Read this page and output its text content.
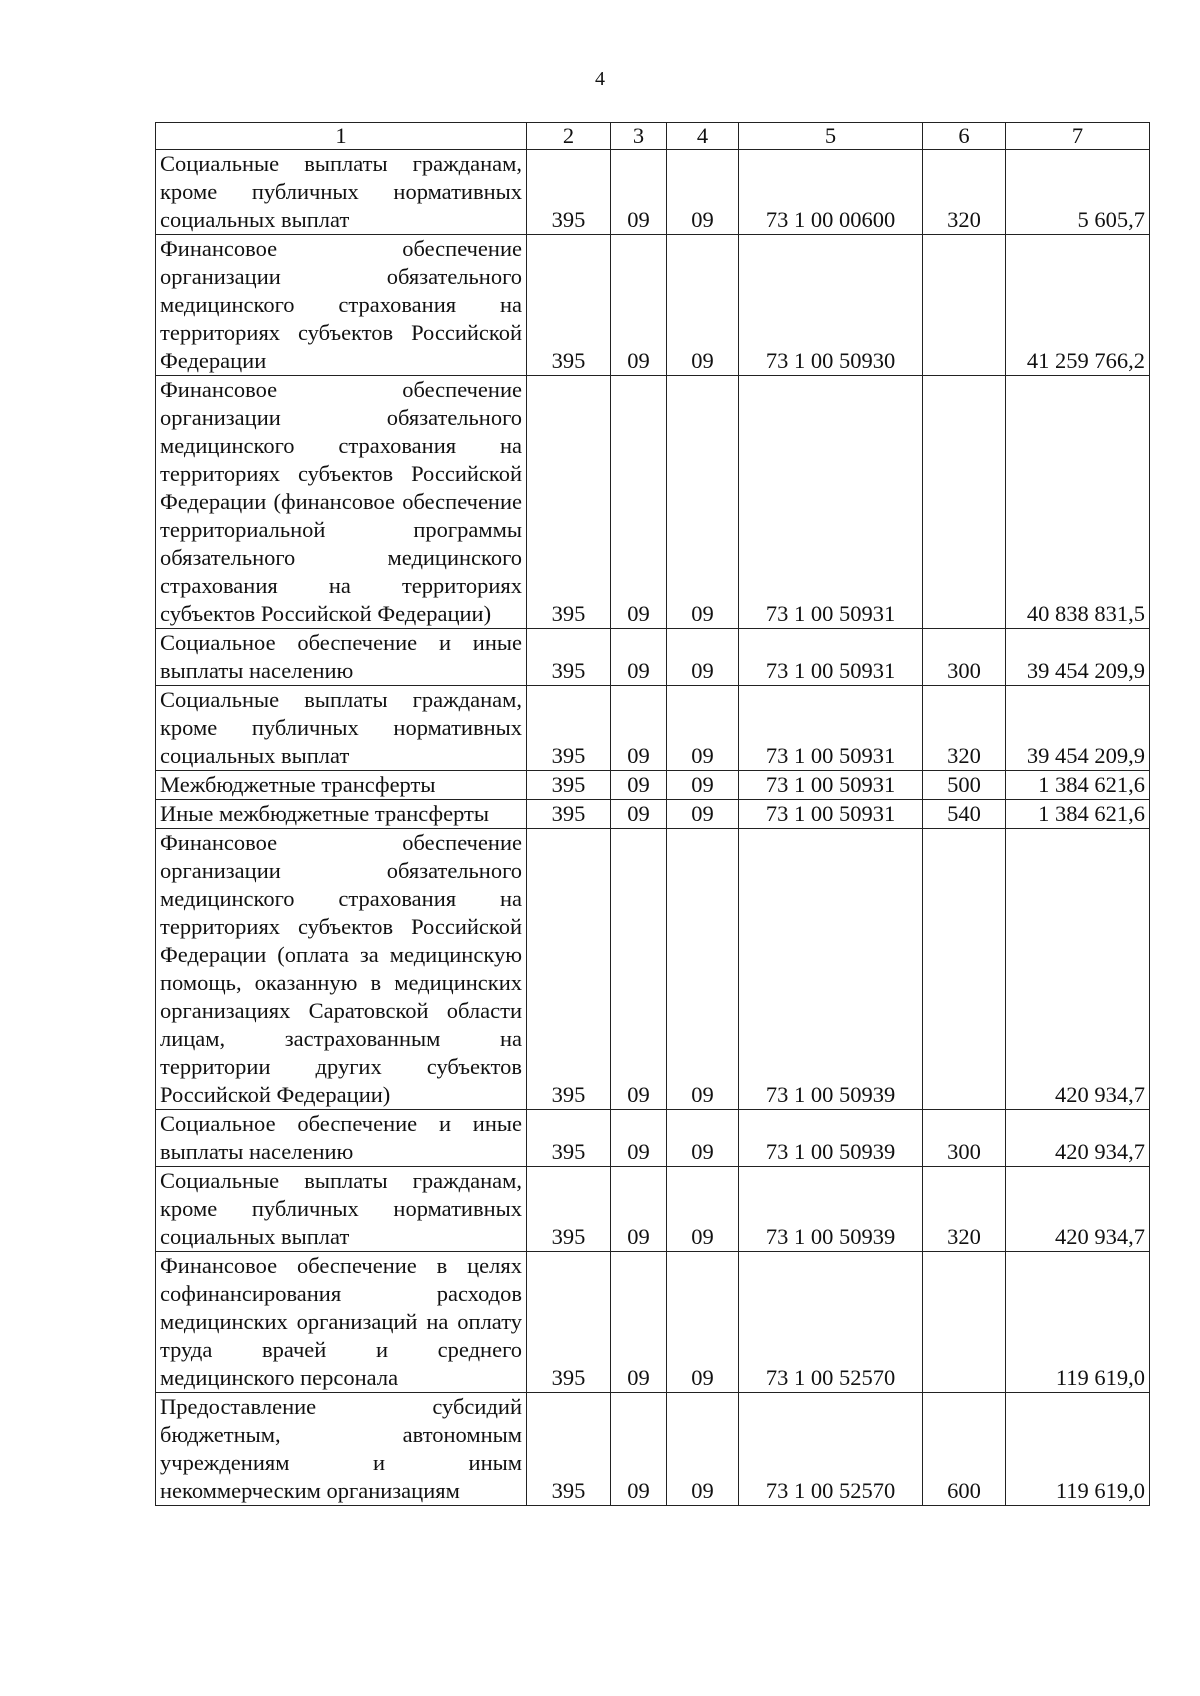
4
1	2	3	4	5	6	7
Социальные выплаты гражданам, кроме публичных нормативных социальных выплат	395	09	09	73 1 00 00600	320	5 605,7
Финансовое обеспечение организации обязательного медицинского страхования на территориях субъектов Российской Федерации	395	09	09	73 1 00 50930		41 259 766,2
Финансовое обеспечение организации обязательного медицинского страхования на территориях субъектов Российской Федерации (финансовое обеспечение территориальной программы обязательного медицинского страхования на территориях субъектов Российской Федерации)	395	09	09	73 1 00 50931		40 838 831,5
Социальное обеспечение и иные выплаты населению	395	09	09	73 1 00 50931	300	39 454 209,9
Социальные выплаты гражданам, кроме публичных нормативных социальных выплат	395	09	09	73 1 00 50931	320	39 454 209,9
Межбюджетные трансферты	395	09	09	73 1 00 50931	500	1 384 621,6
Иные межбюджетные трансферты	395	09	09	73 1 00 50931	540	1 384 621,6
Финансовое обеспечение организации обязательного медицинского страхования на территориях субъектов Российской Федерации (оплата за медицинскую помощь, оказанную в медицинских организациях Саратовской области лицам, застрахованным на территории других субъектов Российской Федерации)	395	09	09	73 1 00 50939		420 934,7
Социальное обеспечение и иные выплаты населению	395	09	09	73 1 00 50939	300	420 934,7
Социальные выплаты гражданам, кроме публичных нормативных социальных выплат	395	09	09	73 1 00 50939	320	420 934,7
Финансовое обеспечение в целях софинансирования расходов медицинских организаций на оплату труда врачей и среднего медицинского персонала	395	09	09	73 1 00 52570		119 619,0
Предоставление субсидий бюджетным, автономным учреждениям и иным некоммерческим организациям	395	09	09	73 1 00 52570	600	119 619,0
